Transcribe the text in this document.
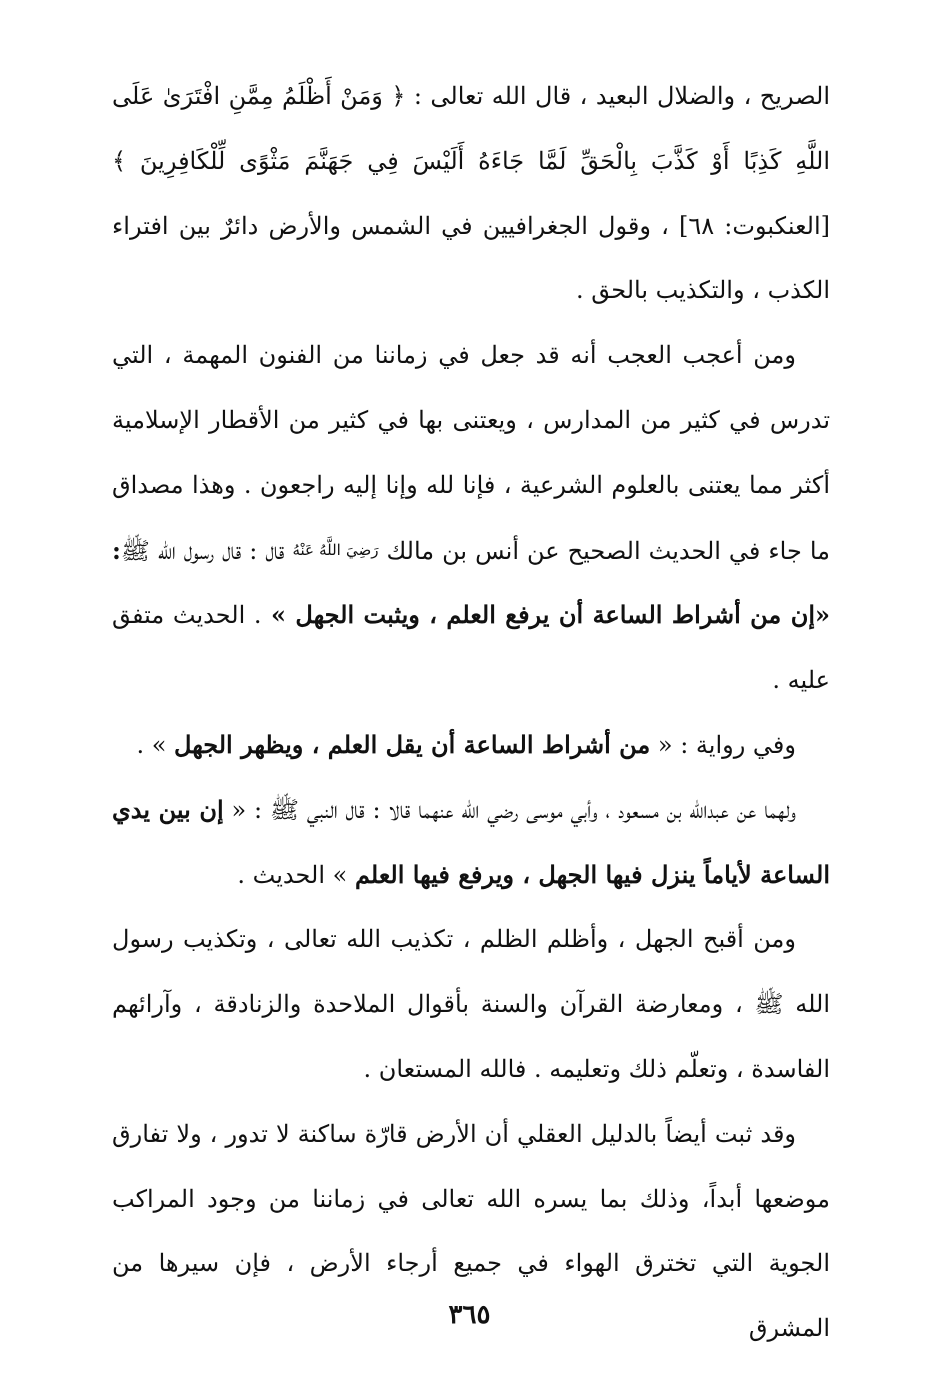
الصريح ، والضلال البعيد ، قال الله تعالى : ﴿ وَمَنْ أَظْلَمُ مِمَّنِ افْتَرَىٰ عَلَى اللَّهِ كَذِبًا أَوْ كَذَّبَ بِالْحَقِّ لَمَّا جَاءَهُ أَلَيْسَ فِي جَهَنَّمَ مَثْوًى لِّلْكَافِرِينَ ﴾ [العنكبوت: ٦٨] ، وقول الجغرافيين في الشمس والأرض دائرٌ بين افتراء الكذب ، والتكذيب بالحق .

ومن أعجب العجب أنه قد جعل في زماننا من الفنون المهمة ، التي تدرس في كثير من المدارس ، ويعتنى بها في كثير من الأقطار الإسلامية أكثر مما يعتنى بالعلوم الشرعية ، فإنا لله وإنا إليه راجعون . وهذا مصداق ما جاء في الحديث الصحيح عن أنس بن مالك رَضِيَ اللَّهُ عَنْهُ قال : قال رسول الله ﷺ: «إن من أشراط الساعة أن يرفع العلم ، ويثبت الجهل » . الحديث متفق عليه .

وفي رواية : « من أشراط الساعة أن يقل العلم ، ويظهر الجهل » .

ولهما عن عبدالله بن مسعود ، وأبي موسى رضي الله عنهما قالا : قال النبي ﷺ : « إن بين يدي الساعة لأياماً ينزل فيها الجهل ، ويرفع فيها العلم » الحديث .

ومن أقبح الجهل ، وأظلم الظلم ، تكذيب الله تعالى ، وتكذيب رسول الله ﷺ ، ومعارضة القرآن والسنة بأقوال الملاحدة والزنادقة ، وآرائهم الفاسدة ، وتعلّم ذلك وتعليمه . فالله المستعان .

وقد ثبت أيضاً بالدليل العقلي أن الأرض قارّة ساكنة لا تدور ، ولا تفارق موضعها أبداً، وذلك بما يسره الله تعالى في زماننا من وجود المراكب الجوية التي تخترق الهواء في جميع أرجاء الأرض ، فإن سيرها من المشرق

٣٦٥
